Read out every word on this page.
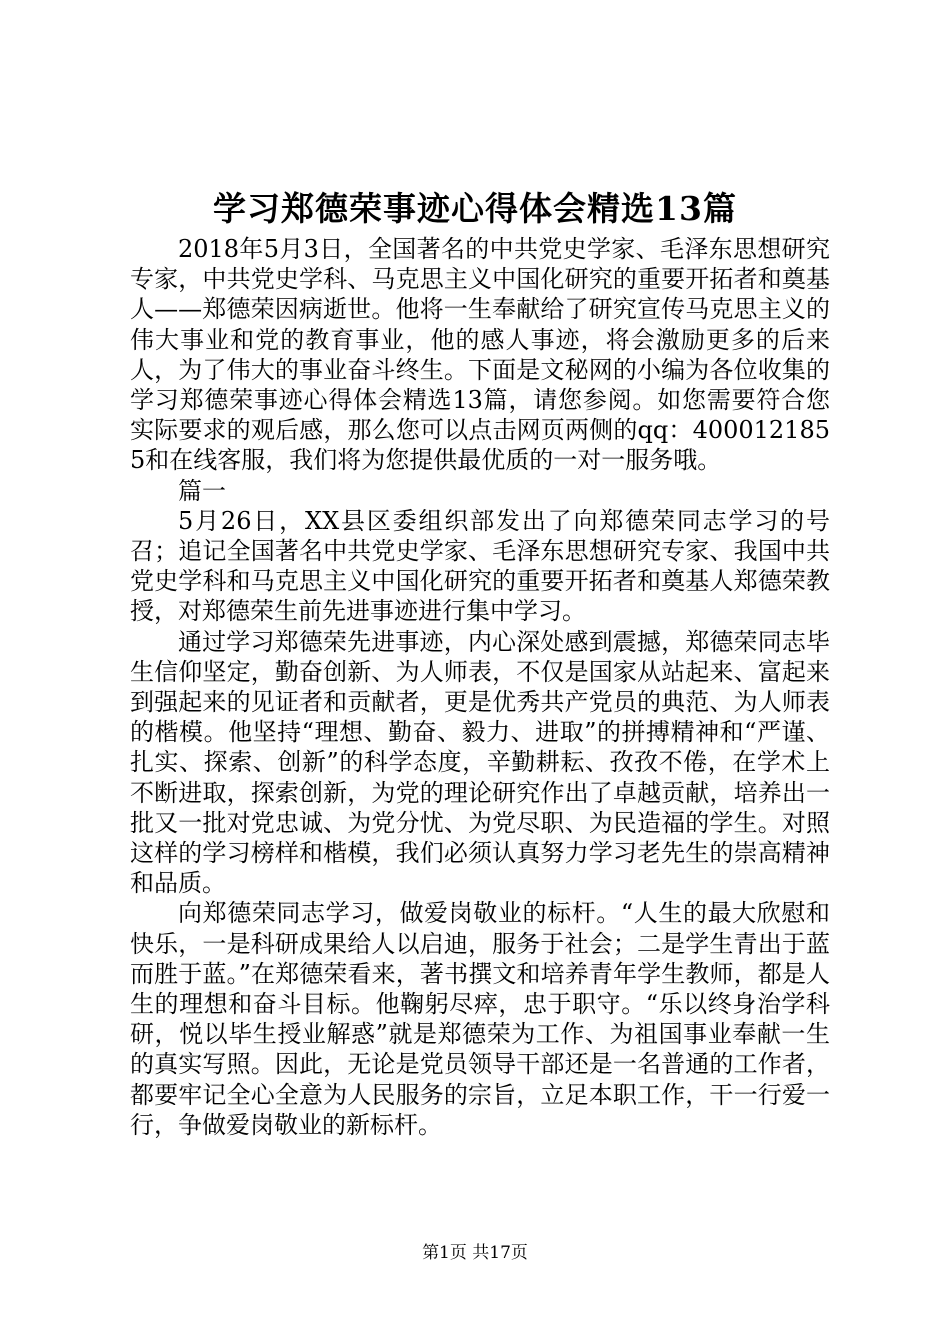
学习郑德荣事迹心得体会精选13篇

2018年5月3日，全国著名的中共党史学家、毛泽东思想研究专家，中共党史学科、马克思主义中国化研究的重要开拓者和奠基人——郑德荣因病逝世。他将一生奉献给了研究宣传马克思主义的伟大事业和党的教育事业，他的感人事迹，将会激励更多的后来人，为了伟大的事业奋斗终生。下面是文秘网的小编为各位收集的学习郑德荣事迹心得体会精选13篇，请您参阅。如您需要符合您实际要求的观后感，那么您可以点击网页两侧的qq：4000121855和在线客服，我们将为您提供最优质的一对一服务哦。

篇一

5月26日，XX县区委组织部发出了向郑德荣同志学习的号召；追记全国著名中共党史学家、毛泽东思想研究专家、我国中共党史学科和马克思主义中国化研究的重要开拓者和奠基人郑德荣教授，对郑德荣生前先进事迹进行集中学习。

通过学习郑德荣先进事迹，内心深处感到震撼，郑德荣同志毕生信仰坚定，勤奋创新、为人师表，不仅是国家从站起来、富起来到强起来的见证者和贡献者，更是优秀共产党员的典范、为人师表的楷模。他坚持“理想、勤奋、毅力、进取”的拼搏精神和“严谨、扎实、探索、创新”的科学态度，辛勤耕耘、孜孜不倦，在学术上不断进取，探索创新，为党的理论研究作出了卓越贡献，培养出一批又一批对党忠诚、为党分忧、为党尽职、为民造福的学生。对照这样的学习榜样和楷模，我们必须认真努力学习老先生的崇高精神和品质。

向郑德荣同志学习，做爱岗敬业的标杆。“人生的最大欣慰和快乐，一是科研成果给人以启迪，服务于社会；二是学生青出于蓝而胜于蓝。”在郑德荣看来，著书撰文和培养青年学生教师，都是人生的理想和奋斗目标。他鞠躬尽瘁，忠于职守。“乐以终身治学科研，悦以毕生授业解惑”就是郑德荣为工作、为祖国事业奉献一生的真实写照。因此，无论是党员领导干部还是一名普通的工作者，都要牢记全心全意为人民服务的宗旨，立足本职工作，干一行爱一行，争做爱岗敬业的新标杆。

第1页 共17页
